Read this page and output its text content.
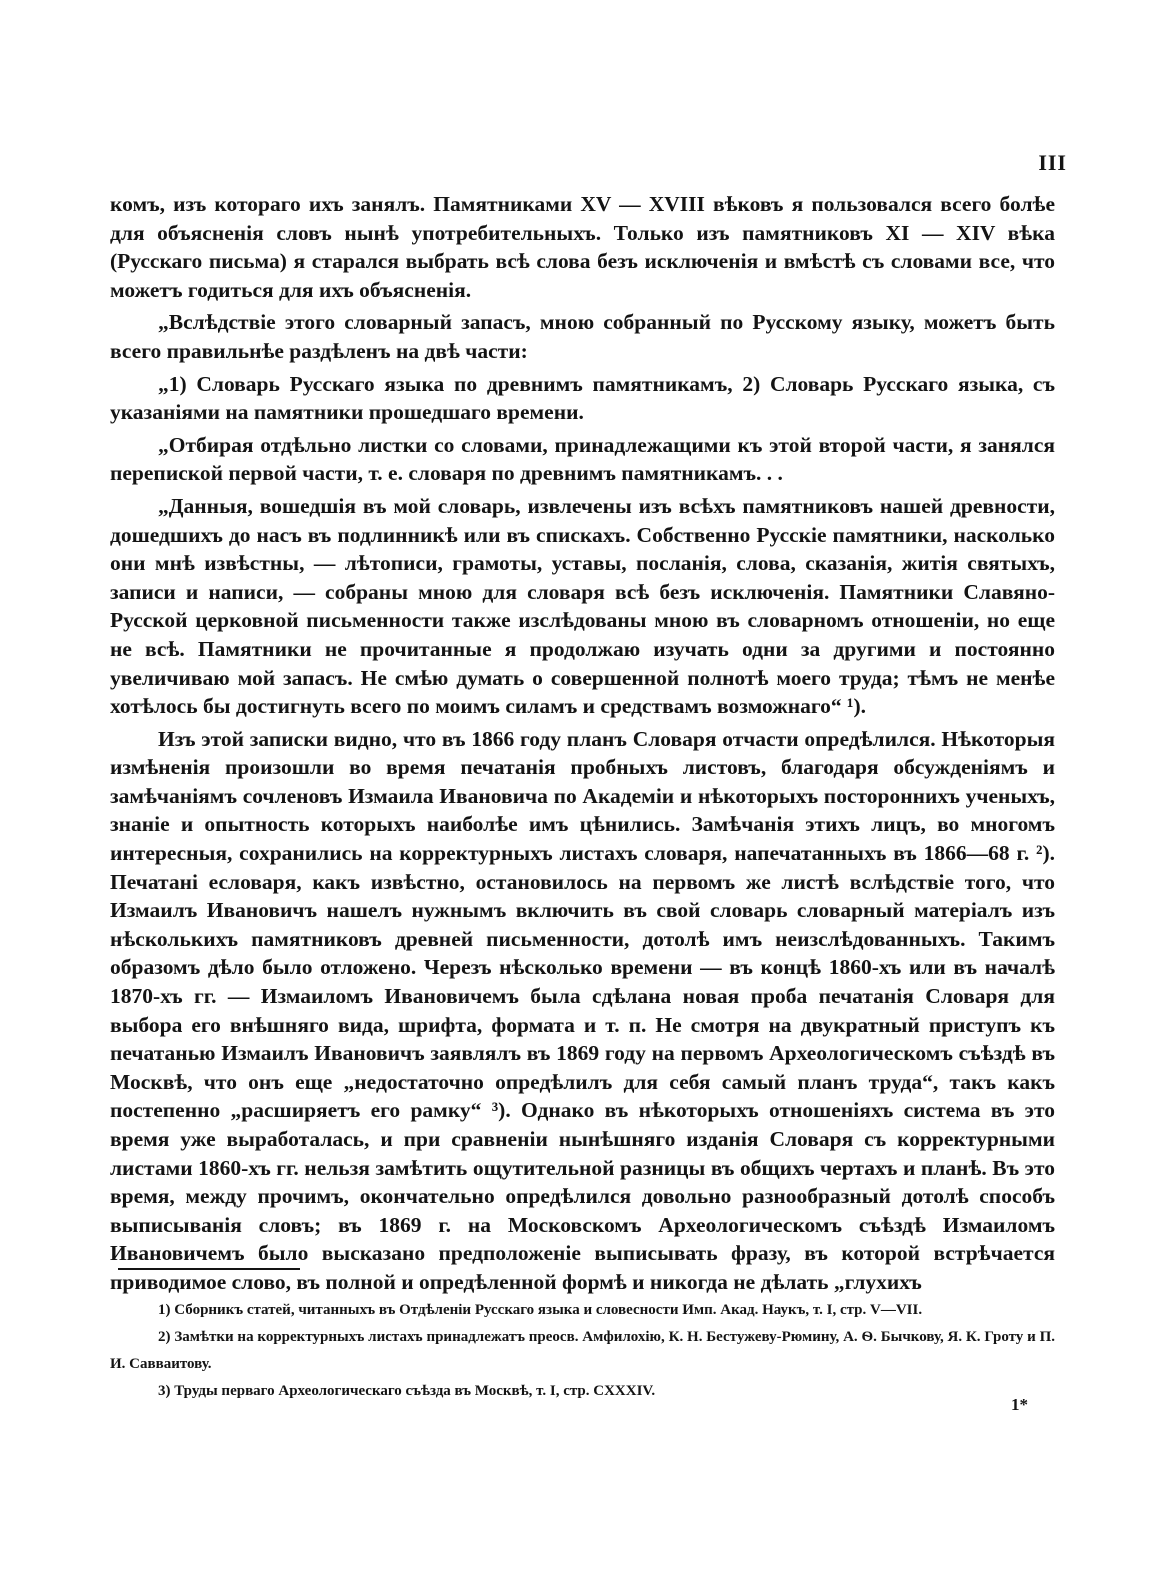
III

комъ, изъ котораго ихъ занялъ. Памятниками XV — XVIII вѣковъ я пользовался всего болѣе для объясненія словъ нынѣ употребительныхъ. Только изъ памятниковъ XI — XIV вѣка (Русскаго письма) я старался выбрать всѣ слова безъ исключенія и вмѣстѣ съ словами все, что можетъ годиться для ихъ объясненія.

„Вслѣдствіе этого словарный запасъ, мною собранный по Русскому языку, можетъ быть всего правильнѣе раздѣленъ на двѣ части:

„1) Словарь Русскаго языка по древнимъ памятникамъ, 2) Словарь Русскаго языка, съ указаніями на памятники прошедшаго времени.

„Отбирая отдѣльно листки со словами, принадлежащими къ этой второй части, я занялся перепиской первой части, т. е. словаря по древнимъ памятникамъ. . .

„Данныя, вошедшія въ мой словарь, извлечены изъ всѣхъ памятниковъ нашей древности, дошедшихъ до насъ въ подлинникѣ или въ спискахъ. Собственно Русскіе памятники, насколько они мнѣ извѣстны, — лѣтописи, грамоты, уставы, посланія, слова, сказанія, житія святыхъ, записи и написи, — собраны мною для словаря всѣ безъ исключенія. Памятники Славяно-Русской церковной письменности также изслѣдованы мною въ словарномъ отношеніи, но еще не всѣ. Памятники не прочитанные я продолжаю изучать одни за другими и постоянно увеличиваю мой запасъ. Не смѣю думать о совершенной полнотѣ моего труда; тѣмъ не менѣе хотѣлось бы достигнуть всего по моимъ силамъ и средствамъ возможнаго“ ¹).

Изъ этой записки видно, что въ 1866 году планъ Словаря отчасти опредѣлился. Нѣкоторыя измѣненія произошли во время печатанія пробныхъ листовъ, благодаря обсужденіямъ и замѣчаніямъ сочленовъ Измаила Ивановича по Академіи и нѣкоторыхъ постороннихъ ученыхъ, знаніе и опытность которыхъ наиболѣе имъ цѣнились. Замѣчанія этихъ лицъ, во многомъ интересныя, сохранились на корректурныхъ листахъ словаря, напечатанныхъ въ 1866—68 г. ²). Печатані есловаря, какъ извѣстно, остановилось на первомъ же листѣ вслѣдствіе того, что Измаилъ Ивановичъ нашелъ нужнымъ включить въ свой словарь словарный матеріалъ изъ нѣсколькихъ памятниковъ древней письменности, дотолѣ имъ неизслѣдованныхъ. Такимъ образомъ дѣло было отложено. Черезъ нѣсколько времени — въ концѣ 1860-хъ или въ началѣ 1870-хъ гг. — Измаиломъ Ивановичемъ была сдѣлана новая проба печатанія Словаря для выбора его внѣшняго вида, шрифта, формата и т. п. Не смотря на двукратный приступъ къ печатанью Измаилъ Ивановичъ заявлялъ въ 1869 году на первомъ Археологическомъ съѣздѣ въ Москвѣ, что онъ еще „недостаточно опредѣлилъ для себя самый планъ труда“, такъ какъ постепенно „расширяетъ его рамку“ ³). Однако въ нѣкоторыхъ отношеніяхъ система въ это время уже выработалась, и при сравненіи нынѣшняго изданія Словаря съ корректурными листами 1860-хъ гг. нельзя замѣтить ощутительной разницы въ общихъ чертахъ и планѣ. Въ это время, между прочимъ, окончательно опредѣлился довольно разнообразный дотолѣ способъ выписыванія словъ; въ 1869 г. на Московскомъ Археологическомъ съѣздѣ Измаиломъ Ивановичемъ было высказано предположеніе выписывать фразу, въ которой встрѣчается приводимое слово, въ полной и опредѣленной формѣ и никогда не дѣлать „глухихъ

1) Сборникъ статей, читанныхъ въ Отдѣленіи Русскаго языка и словесности Имп. Акад. Наукъ, т. I, стр. V—VII.

2) Замѣтки на корректурныхъ листахъ принадлежатъ преосв. Амфилохію, К. Н. Бестужеву-Рюмину, А. Ѳ. Бычкову, Я. К. Гроту и П. И. Савваитову.

3) Труды перваго Археологическаго съѣзда въ Москвѣ, т. I, стр. CXXXIV.

1*
